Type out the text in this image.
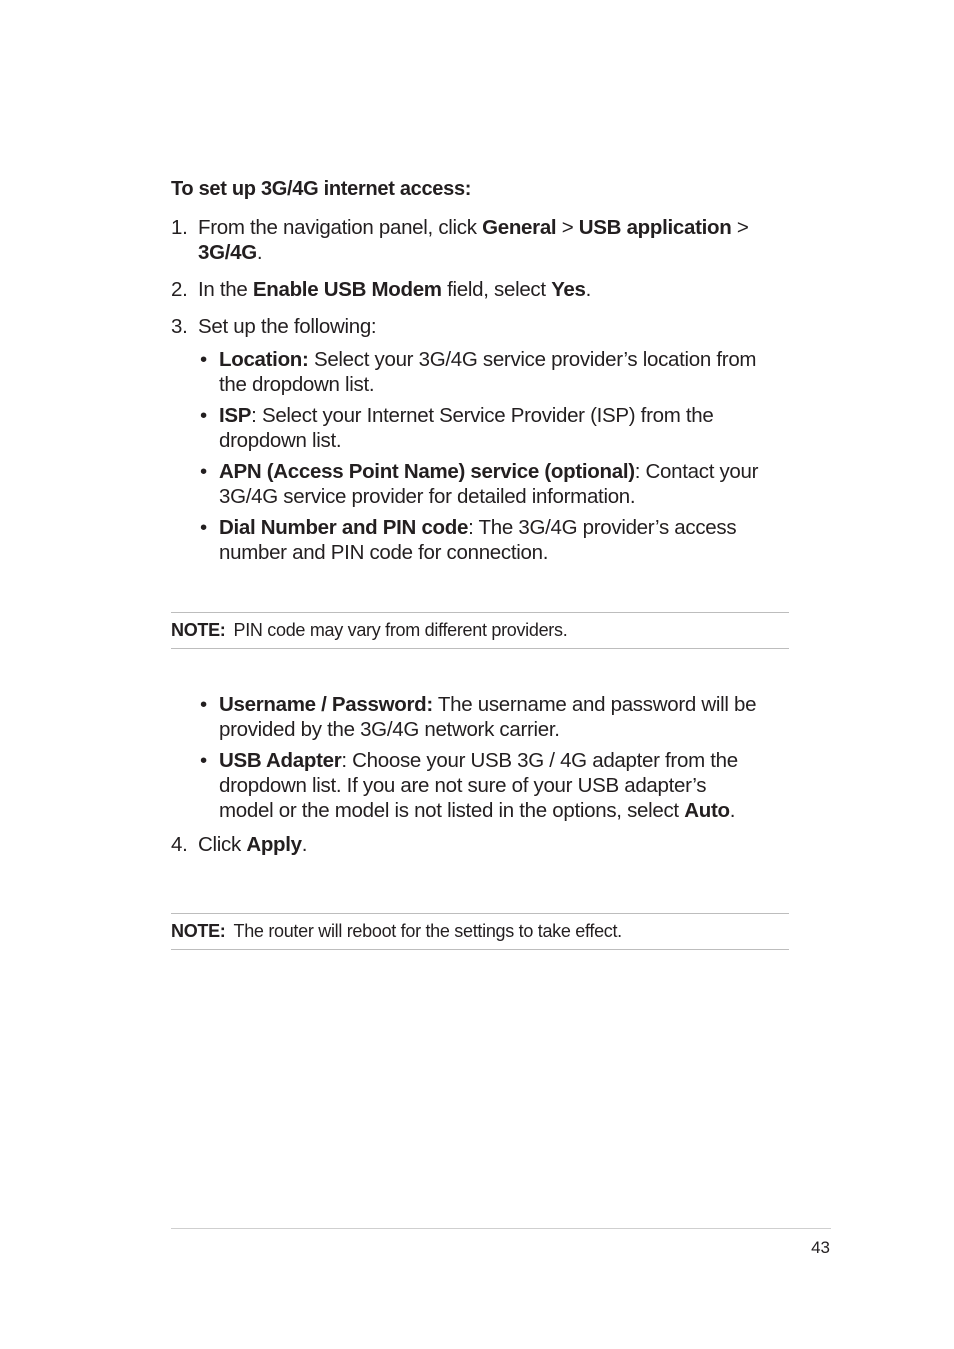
To set up 3G/4G internet access:
1. From the navigation panel, click General > USB application >
3G/4G.
2. In the Enable USB Modem field, select Yes.
3. Set up the following:
• Location: Select your 3G/4G service provider’s location from
the dropdown list.
• ISP: Select your Internet Service Provider (ISP) from the
dropdown list.
• APN (Access Point Name) service (optional): Contact your
3G/4G service provider for detailed information.
• Dial Number and PIN code: The 3G/4G provider’s access
number and PIN code for connection.
NOTE: PIN code may vary from different providers.
• Username / Password: The username and password will be
provided by the 3G/4G network carrier.
• USB Adapter: Choose your USB 3G / 4G adapter from the
dropdown list. If you are not sure of your USB adapter’s
model or the model is not listed in the options, select Auto.
4. Click Apply.
NOTE: The router will reboot for the settings to take effect.
43
